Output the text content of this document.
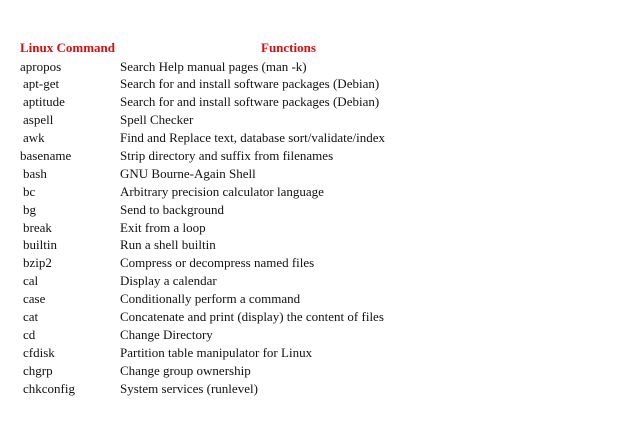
Linux Command	Functions
apropos	Search Help manual pages (man -k)
apt-get	Search for and install software packages (Debian)
aptitude	Search for and install software packages (Debian)
aspell	Spell Checker
awk	Find and Replace text, database sort/validate/index
basename	Strip directory and suffix from filenames
bash	GNU Bourne-Again Shell
bc	Arbitrary precision calculator language
bg	Send to background
break	Exit from a loop
builtin	Run a shell builtin
bzip2	Compress or decompress named files
cal	Display a calendar
case	Conditionally perform a command
cat	Concatenate and print (display) the content of files
cd	Change Directory
cfdisk	Partition table manipulator for Linux
chgrp	Change group ownership
chkconfig	System services (runlevel)
